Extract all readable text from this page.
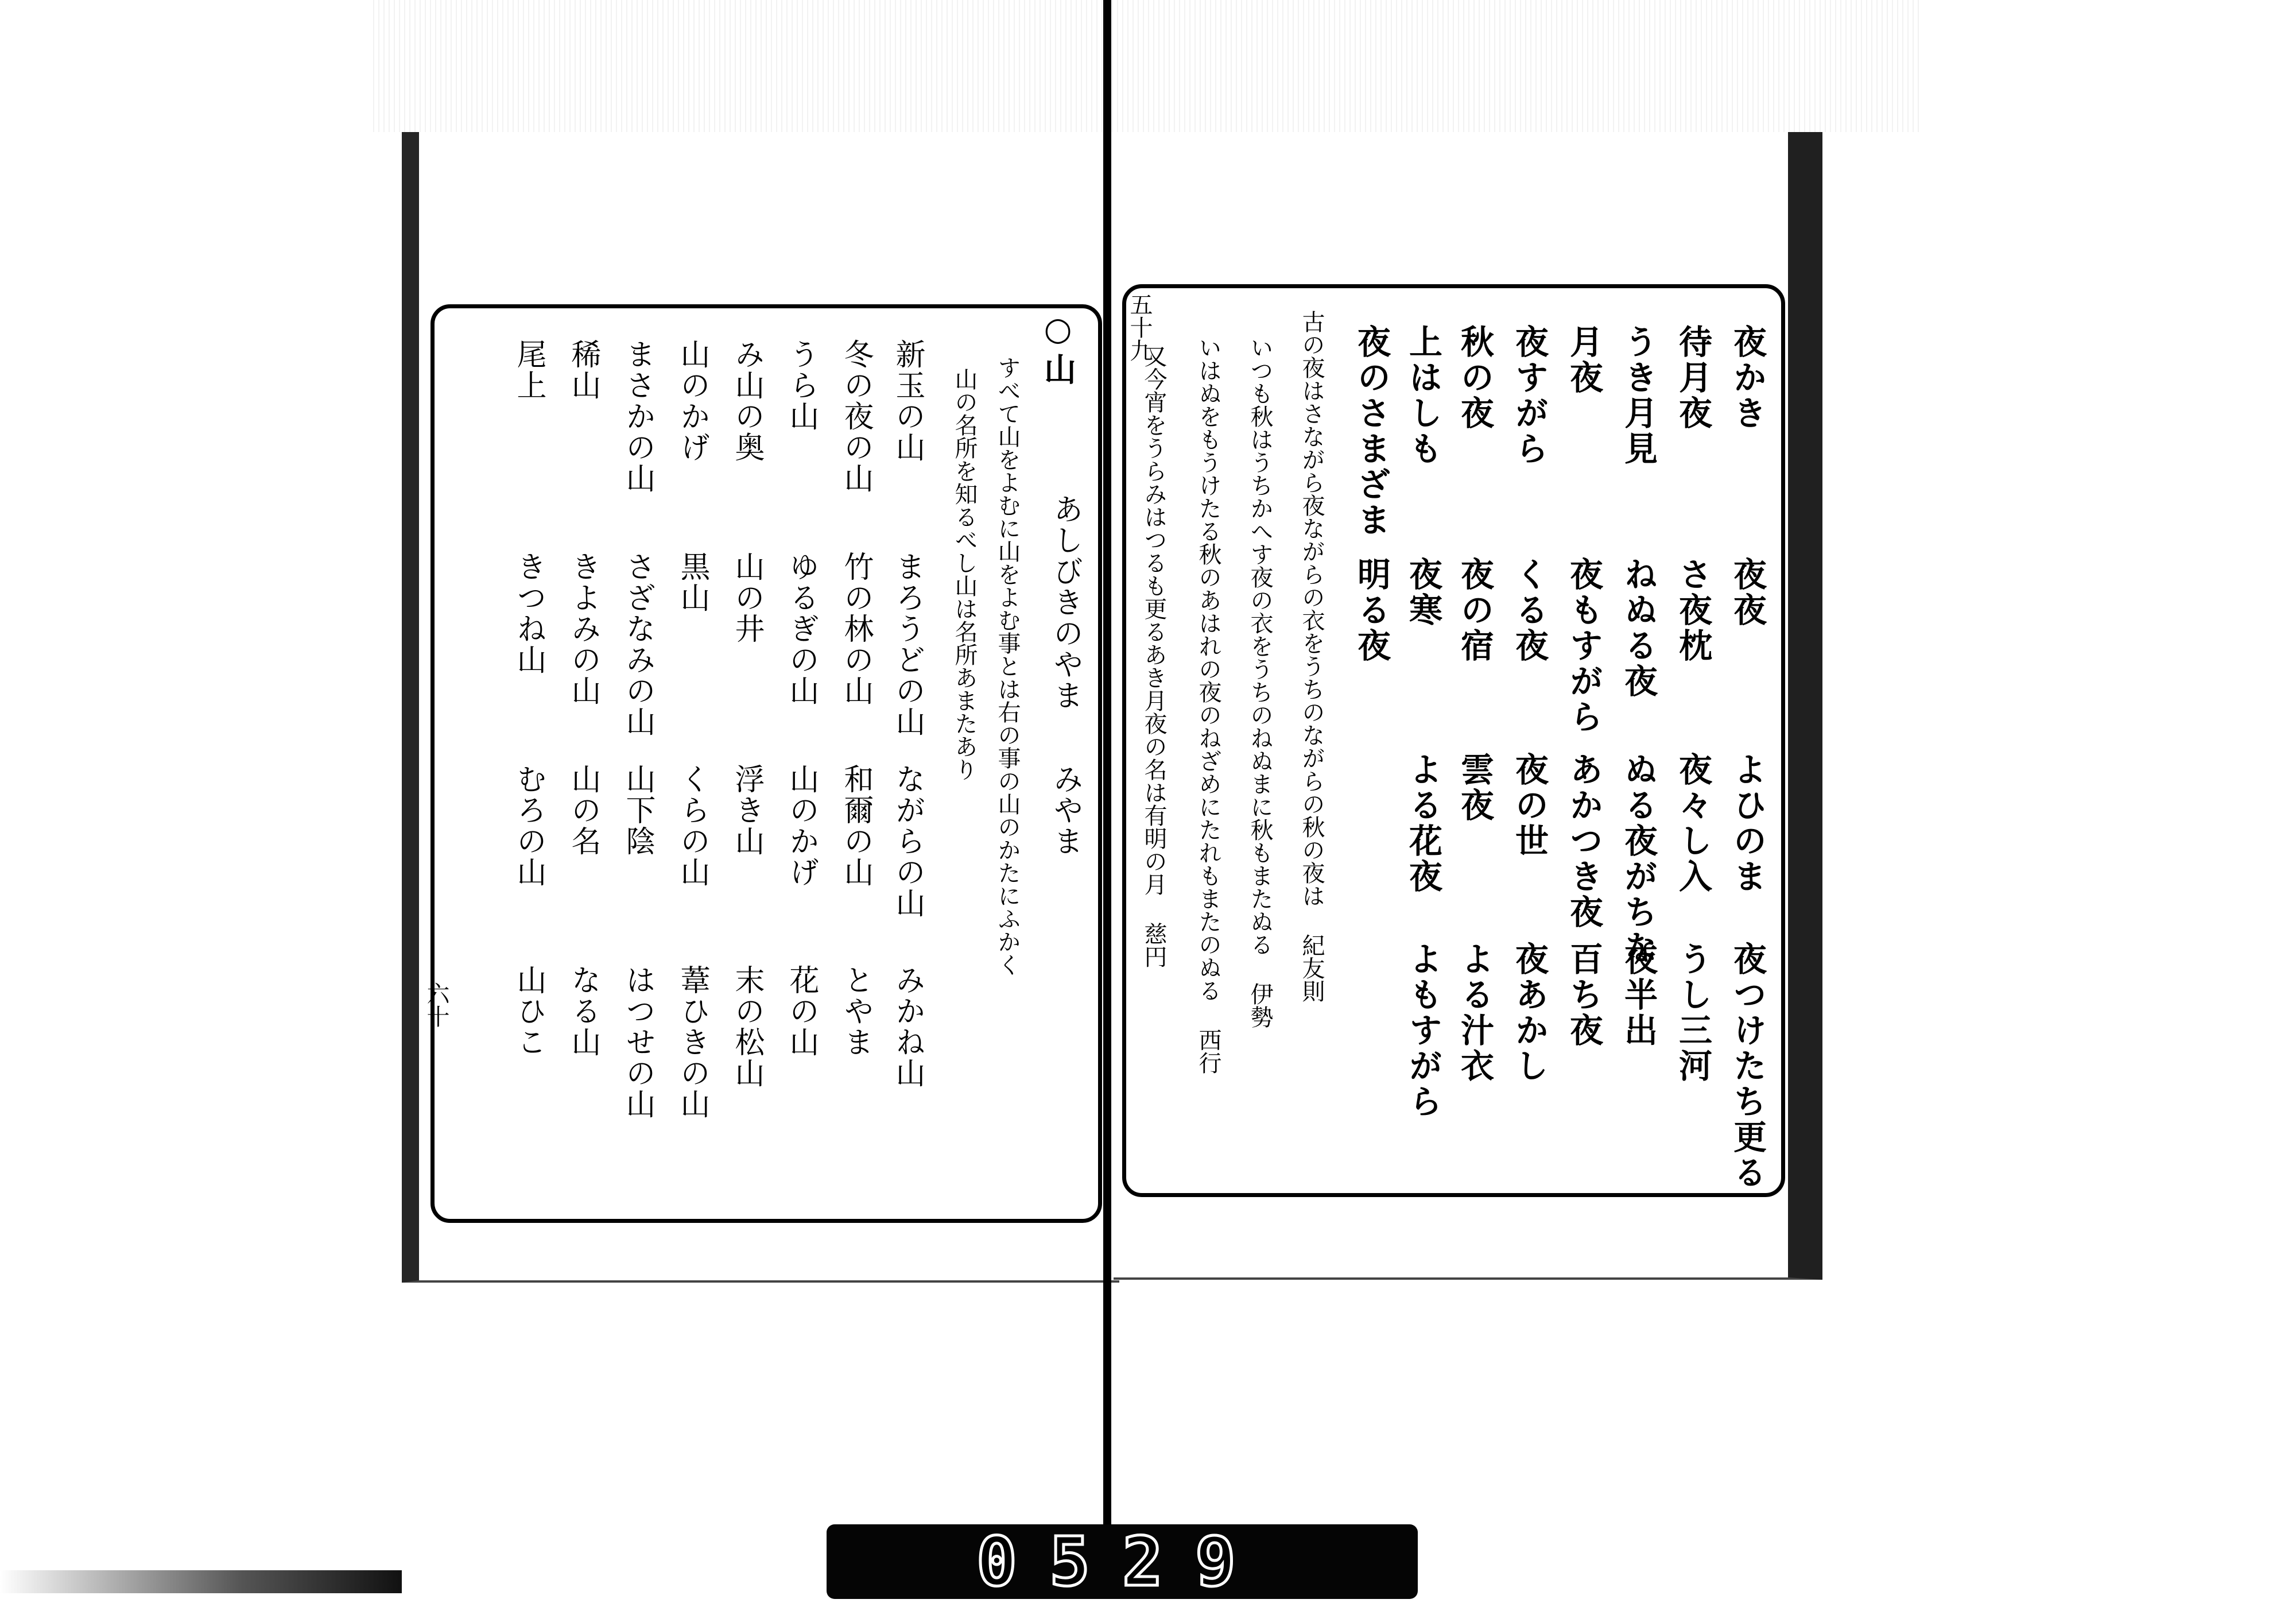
○山
あしびきのやま
みやま
すべて山をよむに山をよむ事とは右の事の山のかたにふかく
山の名所を知るべし山は名所あまたあり
新玉の山
冬の夜の山
うら山
み山の奥
山のかげ
まさかの山
稀山
尾上
まろうどの山
竹の林の山
ゆるぎの山
山の井
黒山
さざなみの山
きよみの山
きつね山
ながらの山
和爾の山
山のかげ
浮き山
くらの山
山下陰
山の名
むろの山
みかね山
とやま
花の山
末の松山
葦ひきの山
はつせの山
なる山
山ひこ
六十
夜かき
待月夜
うき月見
月夜
夜すがら
秋の夜
上はしも
夜のさまざま
夜夜
さ夜枕
ねぬる夜
夜もすがら
くる夜
夜の宿
夜寒
明る夜
よひのま
夜々し入
ぬる夜がちな
あかつき夜
夜の世
雲夜
よる花夜
夜つけたち更る
うし三河
夜半出
百ち夜
夜あかし
よる汁衣
よもすがら
古の夜はさながら夜ながらの衣をうちのながらの秋の夜は 紀友則
いつも秋はうちかへす夜の衣をうちのねぬまに秋もまたぬる 伊勢
いはぬをもうけたる秋のあはれの夜のねざめにたれもまたのぬる 西行
又今宵をうらみはつるも更るあき月夜の名は有明の月 慈円
五十九
0529
